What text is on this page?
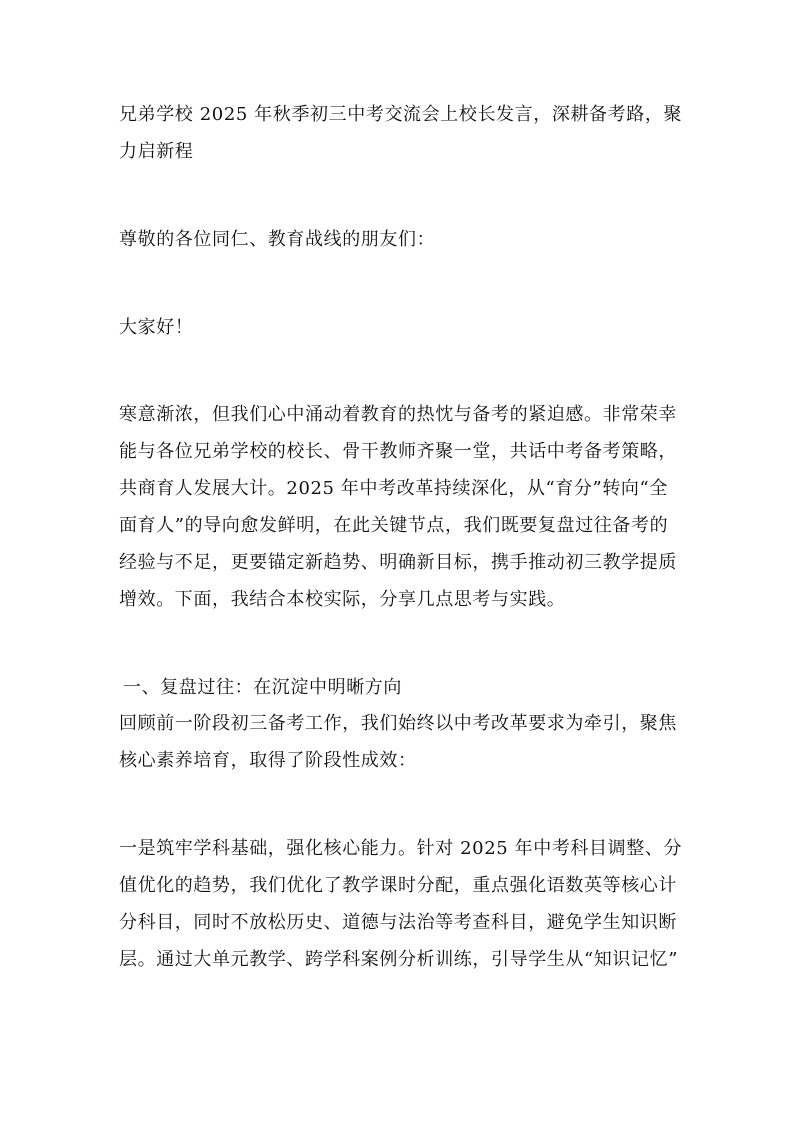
兄弟学校 2025 年秋季初三中考交流会上校长发言，深耕备考路，聚
力启新程
尊敬的各位同仁、教育战线的朋友们：
大家好！
寒意渐浓，但我们心中涌动着教育的热忱与备考的紧迫感。非常荣幸
能与各位兄弟学校的校长、骨干教师齐聚一堂，共话中考备考策略，
共商育人发展大计。2025 年中考改革持续深化，从“育分”转向“全
面育人”的导向愈发鲜明，在此关键节点，我们既要复盘过往备考的
经验与不足，更要锚定新趋势、明确新目标，携手推动初三教学提质
增效。下面，我结合本校实际，分享几点思考与实践。
一、复盘过往：在沉淀中明晰方向
回顾前一阶段初三备考工作，我们始终以中考改革要求为牵引，聚焦
核心素养培育，取得了阶段性成效：
一是筑牢学科基础，强化核心能力。针对 2025 年中考科目调整、分
值优化的趋势，我们优化了教学课时分配，重点强化语数英等核心计
分科目，同时不放松历史、道德与法治等考查科目，避免学生知识断
层。通过大单元教学、跨学科案例分析训练，引导学生从“知识记忆”
